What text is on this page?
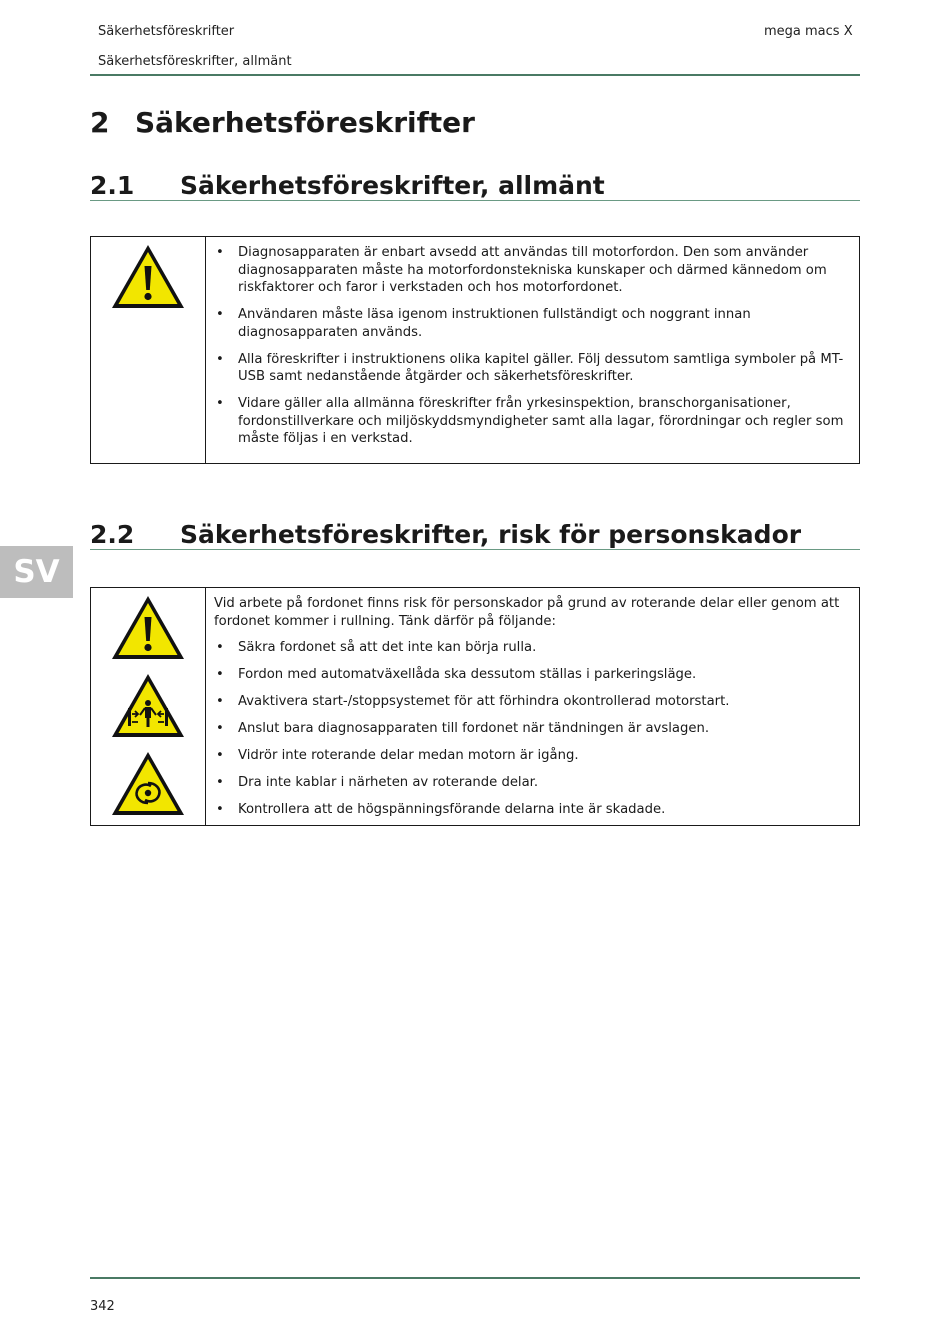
Säkerhetsföreskrifter	mega macs X
Säkerhetsföreskrifter, allmänt
2 Säkerhetsföreskrifter
2.1 Säkerhetsföreskrifter, allmänt
• Diagnosapparaten är enbart avsedd att användas till motorfordon. Den som använder diagnosapparaten måste ha motorfordonstekniska kunskaper och därmed kännedom om riskfaktorer och faror i verkstaden och hos motorfordonet.
• Användaren måste läsa igenom instruktionen fullständigt och noggrant innan diagnosapparaten används.
• Alla föreskrifter i instruktionens olika kapitel gäller. Följ dessutom samtliga symboler på MT-USB samt nedanstående åtgärder och säkerhetsföreskrifter.
• Vidare gäller alla allmänna föreskrifter från yrkesinspektion, branschorganisationer, fordonstillverkare och miljöskyddsmyndigheter samt alla lagar, förordningar och regler som måste följas i en verkstad.
SV
2.2 Säkerhetsföreskrifter, risk för personskador

Vid arbete på fordonet finns risk för personskador på grund av roterande delar eller genom att fordonet kommer i rullning. Tänk därför på följande:

• Säkra fordonet så att det inte kan börja rulla.
• Fordon med automatväxellåda ska dessutom ställas i parkeringsläge.
• Avaktivera start-/stoppsystemet för att förhindra okontrollerad motorstart.
• Anslut bara diagnosapparaten till fordonet när tändningen är avslagen.
• Vidrör inte roterande delar medan motorn är igång.
• Dra inte kablar i närheten av roterande delar.
• Kontrollera att de högspänningsförande delarna inte är skadade.
342
